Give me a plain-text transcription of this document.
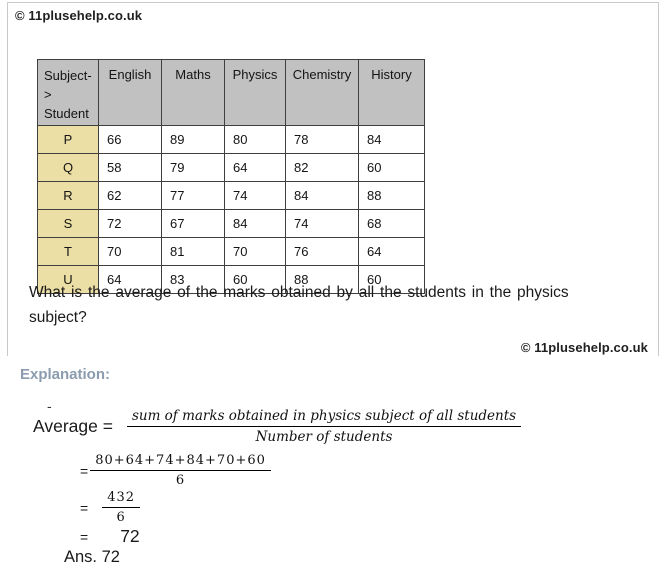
© 11plusehelp.co.uk
Subject->
Student	English	Maths	Physics	Chemistry	History
P	66	89	80	78	84
Q	58	79	64	82	60
R	62	77	74	84	88
S	72	67	84	74	68
T	70	81	70	76	64
U	64	83	60	88	60
What is the average of the marks obtained by all the students in the physics
subject?
© 11plusehelp.co.uk
Explanation:
-
Average = $\frac{\text{sum of marks obtained in physics subject of all students}}{\text{Number of students}}$
= $\frac{80+64+74+84+70+60}{6}$
= $\frac{432}{6}$
= 72
Ans. 72
